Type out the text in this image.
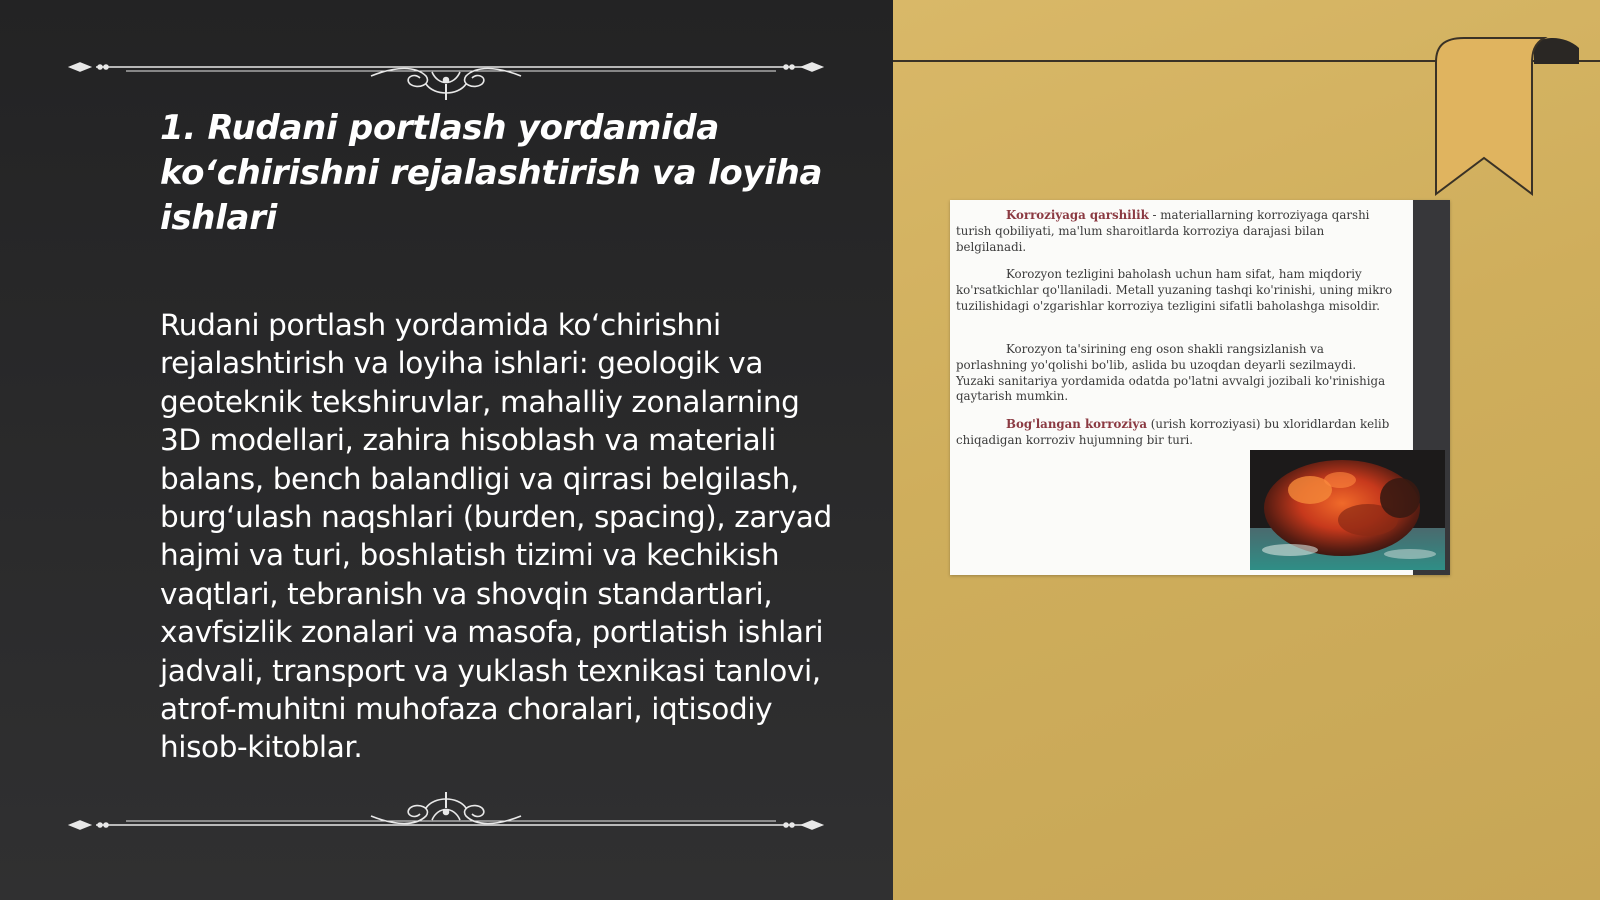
1. Rudani portlash yordamida ko‘chirishni rejalashtirish va loyiha ishlari

Rudani portlash yordamida ko‘chirishni rejalashtirish va loyiha ishlari: geologik va geoteknik tekshiruvlar, mahalliy zonalarning 3D modellari, zahira hisoblash va materiali balans, bench balandligi va qirrasi belgilash, burg‘ulash naqshlari (burden, spacing), zaryad hajmi va turi, boshlatish tizimi va kechikish vaqtlari, tebranish va shovqin standartlari, xavfsizlik zonalari va masofa, portlatish ishlari jadvali, transport va yuklash texnikasi tanlovi, atrof-muhitni muhofaza choralari, iqtisodiy hisob-kitoblar.

Korroziyaga qarshilik - materiallarning korroziyaga qarshi turish qobiliyati, ma'lum sharoitlarda korroziya darajasi bilan belgilanadi.

Korozyon tezligini baholash uchun ham sifat, ham miqdoriy ko'rsatkichlar qo'llaniladi. Metall yuzaning tashqi ko'rinishi, uning mikro tuzilishidagi o'zgarishlar korroziya tezligini sifatli baholashga misoldir.

Korozyon ta'sirining eng oson shakli rangsizlanish va porlashning yo'qolishi bo'lib, aslida bu uzoqdan deyarli sezilmaydi. Yuzaki sanitariya yordamida odatda po'latni avvalgi jozibali ko'rinishiga qaytarish mumkin.

Bog'langan korroziya (urish korroziyasi) bu xloridlardan kelib chiqadigan korroziv hujumning bir turi.
